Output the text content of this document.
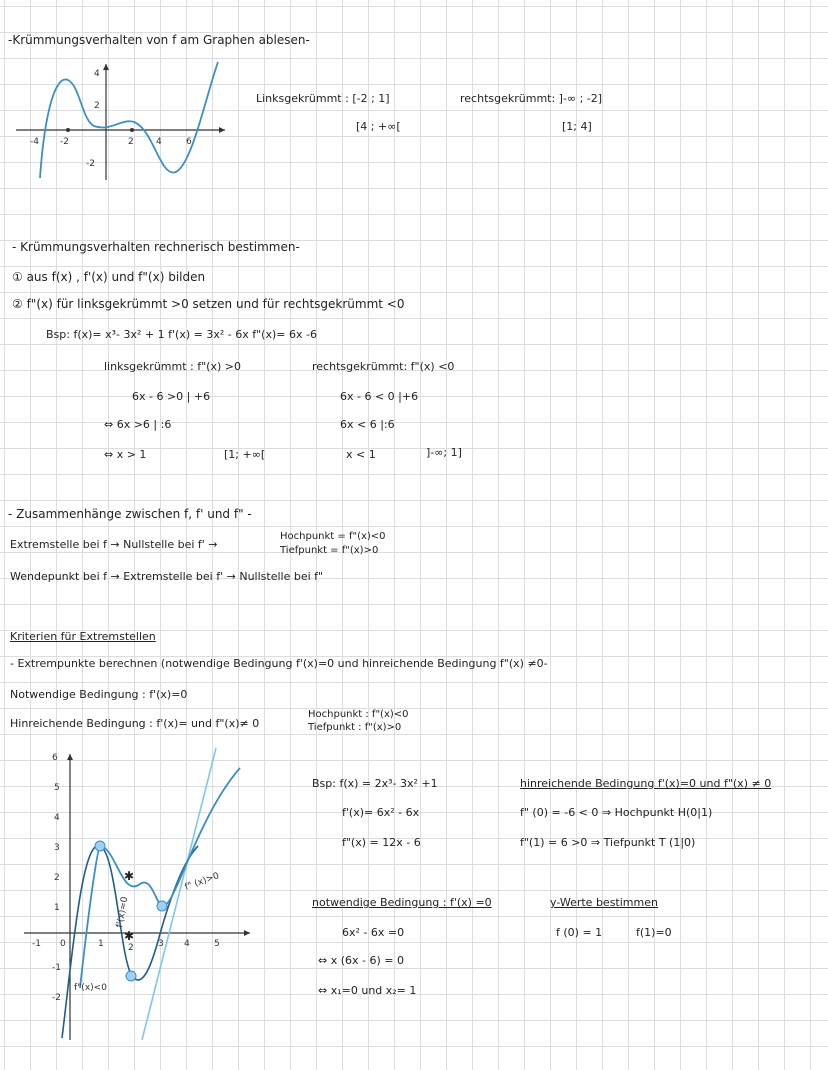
-Krümmungsverhalten von f am Graphen ablesen-
4
2
-2
-4 -2	2 4	6
Linksgekrümmt : [-2 ; 1]
[4 ; +∞[
rechtsgekrümmt: ]-∞ ; -2]
[1; 4]
- Krümmungsverhalten rechnerisch bestimmen-
① aus f(x) , f'(x) und f"(x) bilden
② f"(x) für linksgekrümmt >0 setzen und für rechtsgekrümmt <0
Bsp: f(x)= x³- 3x² + 1 f'(x) = 3x² - 6x f"(x)= 6x -6
linksgekrümmt : f"(x) >0
6x - 6 >0 | +6
⇔ 6x >6 | :6
⇔ x > 1	[1; +∞[
rechtsgekrümmt: f"(x) <0
6x - 6 < 0 |+6
6x < 6 |:6
x < 1	]-∞; 1]
- Zusammenhänge zwischen f, f' und f" -
Extremstelle bei f → Nullstelle bei f' →
Hochpunkt = f"(x)<0
Tiefpunkt = f"(x)>0
Wendepunkt bei f → Extremstelle bei f' → Nullstelle bei f"
Kriterien für Extremstellen
- Extrempunkte berechnen (notwendige Bedingung f'(x)=0 und hinreichende Bedingung f"(x) ≠0-
Notwendige Bedingung : f'(x)=0
Hinreichende Bedingung : f'(x)= und f"(x)≠ 0
Hochpunkt : f"(x)<0
Tiefpunkt : f"(x)>0
✱
✱
6
5
4
3
2
1
-1
-2
-1 0	1	2	3 4	5
f" (x)>0
f'(x)=0
f"(x)<0
Bsp: f(x) = 2x³- 3x² +1
f'(x)= 6x² - 6x
f"(x) = 12x - 6
hinreichende Bedingung f'(x)=0 und f"(x) ≠ 0
f" (0) = -6 < 0 ⇒ Hochpunkt H(0|1)
f"(1) = 6 >0 ⇒ Tiefpunkt T (1|0)
notwendige Bedingung : f'(x) =0
6x² - 6x =0
⇔ x (6x - 6) = 0
⇔ x₁=0 und x₂= 1
y-Werte bestimmen
f (0) = 1	f(1)=0
